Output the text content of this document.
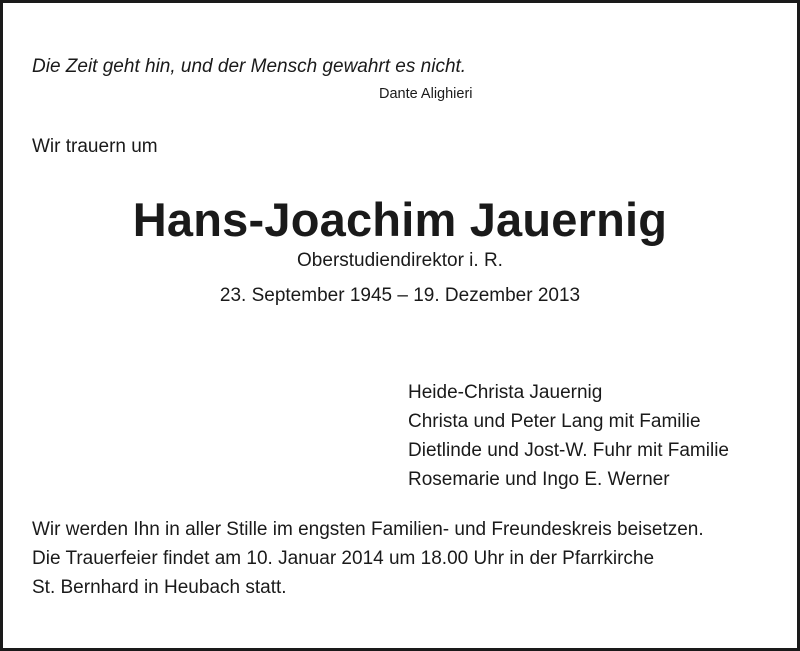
Die Zeit geht hin, und der Mensch gewahrt es nicht.
Dante Alighieri
Wir trauern um
Hans-Joachim Jauernig
Oberstudiendirektor i. R.
23. September 1945 – 19. Dezember 2013
Heide-Christa Jauernig
Christa und Peter Lang mit Familie
Dietlinde und Jost-W. Fuhr mit Familie
Rosemarie und Ingo E. Werner
Wir werden Ihn in aller Stille im engsten Familien- und Freundeskreis beisetzen.
Die Trauerfeier findet am 10. Januar 2014 um 18.00 Uhr in der Pfarrkirche
St. Bernhard in Heubach statt.
